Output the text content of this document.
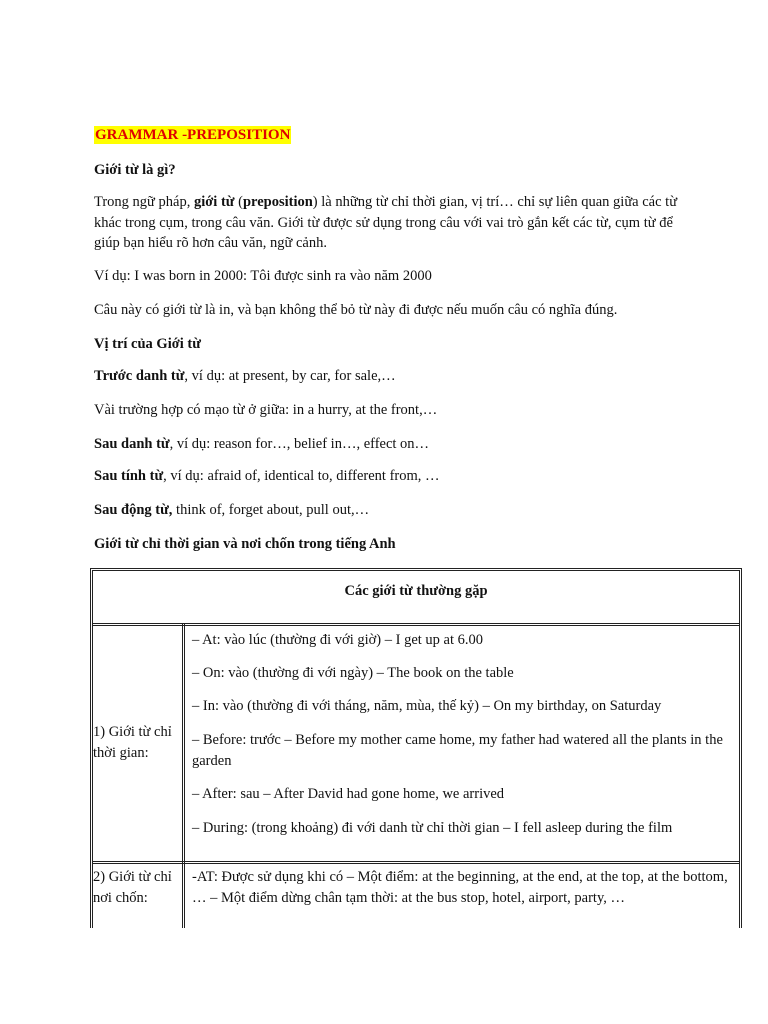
GRAMMAR -PREPOSITION

Giới từ là gì?

Trong ngữ pháp, giới từ (preposition) là những từ chỉ thời gian, vị trí… chỉ sự liên quan giữa các từ khác trong cụm, trong câu văn. Giới từ được sử dụng trong câu với vai trò gắn kết các từ, cụm từ để giúp bạn hiểu rõ hơn câu văn, ngữ cảnh.

Ví dụ: I was born in 2000: Tôi được sinh ra vào năm 2000

Câu này có giới từ là in, và bạn không thể bỏ từ này đi được nếu muốn câu có nghĩa đúng.

Vị trí của Giới từ

Trước danh từ, ví dụ: at present, by car, for sale,…

Vài trường hợp có mạo từ ở giữa: in a hurry, at the front,…

Sau danh từ, ví dụ: reason for…, belief in…, effect on…

Sau tính từ, ví dụ: afraid of, identical to, different from, …

Sau động từ, think of, forget about, pull out,…

Giới từ chỉ thời gian và nơi chốn trong tiếng Anh

Các giới từ thường gặp
1) Giới từ chỉ thời gian:
– At: vào lúc (thường đi với giờ) – I get up at 6.00
– On: vào (thường đi với ngày) – The book on the table
– In: vào (thường đi với tháng, năm, mùa, thế kỷ) – On my birthday, on Saturday
– Before: trước – Before my mother came home, my father had watered all the plants in the garden
– After: sau – After David had gone home, we arrived
– During: (trong khoảng) đi với danh từ chỉ thời gian – I fell asleep during the film
2) Giới từ chỉ nơi chốn:
-AT: Được sử dụng khi có – Một điểm: at the beginning, at the end, at the top, at the bottom, … – Một điểm dừng chân tạm thời: at the bus stop, hotel, airport, party, …
